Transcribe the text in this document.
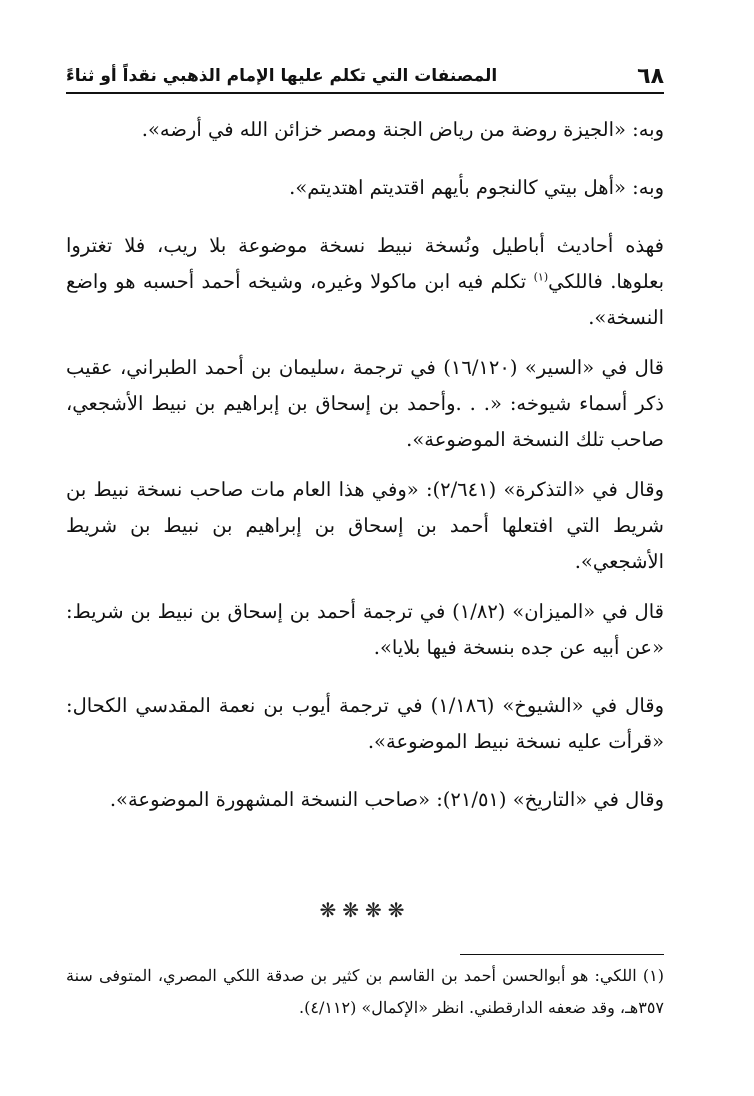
٦٨
المصنفات التي تكلم عليها الإمام الذهبي نقداً أو ثناءً

وبه: «الجيزة روضة من رياض الجنة ومصر خزائن الله في أرضه».

وبه: «أهل بيتي كالنجوم بأيهم اقتديتم اهتديتم».

فهذه أحاديث أباطيل ونُسخة نبيط نسخة موضوعة بلا ريب، فلا تغتروا بعلوها. فاللكي$^{(١)}$ تكلم فيه ابن ماكولا وغيره، وشيخه أحمد أحسبه هو واضع النسخة».

قال في «السير» (١٦/١٢٠) في ترجمة ،سليمان بن أحمد الطبراني، عقيب ذكر أسماء شيوخه: «. . .وأحمد بن إسحاق بن إبراهيم بن نبيط الأشجعي، صاحب تلك النسخة الموضوعة».

وقال في «التذكرة» (٢/٦٤١): «وفي هذا العام مات صاحب نسخة نبيط بن شريط التي افتعلها أحمد بن إسحاق بن إبراهيم بن نبيط بن شريط الأشجعي».

قال في «الميزان» (١/٨٢) في ترجمة أحمد بن إسحاق بن نبيط بن شريط: «عن أبيه عن جده بنسخة فيها بلايا».

وقال في «الشيوخ» (١/١٨٦) في ترجمة أيوب بن نعمة المقدسي الكحال: «قرأت عليه نسخة نبيط الموضوعة».

وقال في «التاريخ» (٢١/٥١): «صاحب النسخة المشهورة الموضوعة».

❋❋❋❋

(١) اللكي: هو أبوالحسن أحمد بن القاسم بن كثير بن صدقة اللكي المصري، المتوفى سنة ٣٥٧هـ، وقد ضعفه الدارقطني. انظر «الإكمال» (٤/١١٢).
